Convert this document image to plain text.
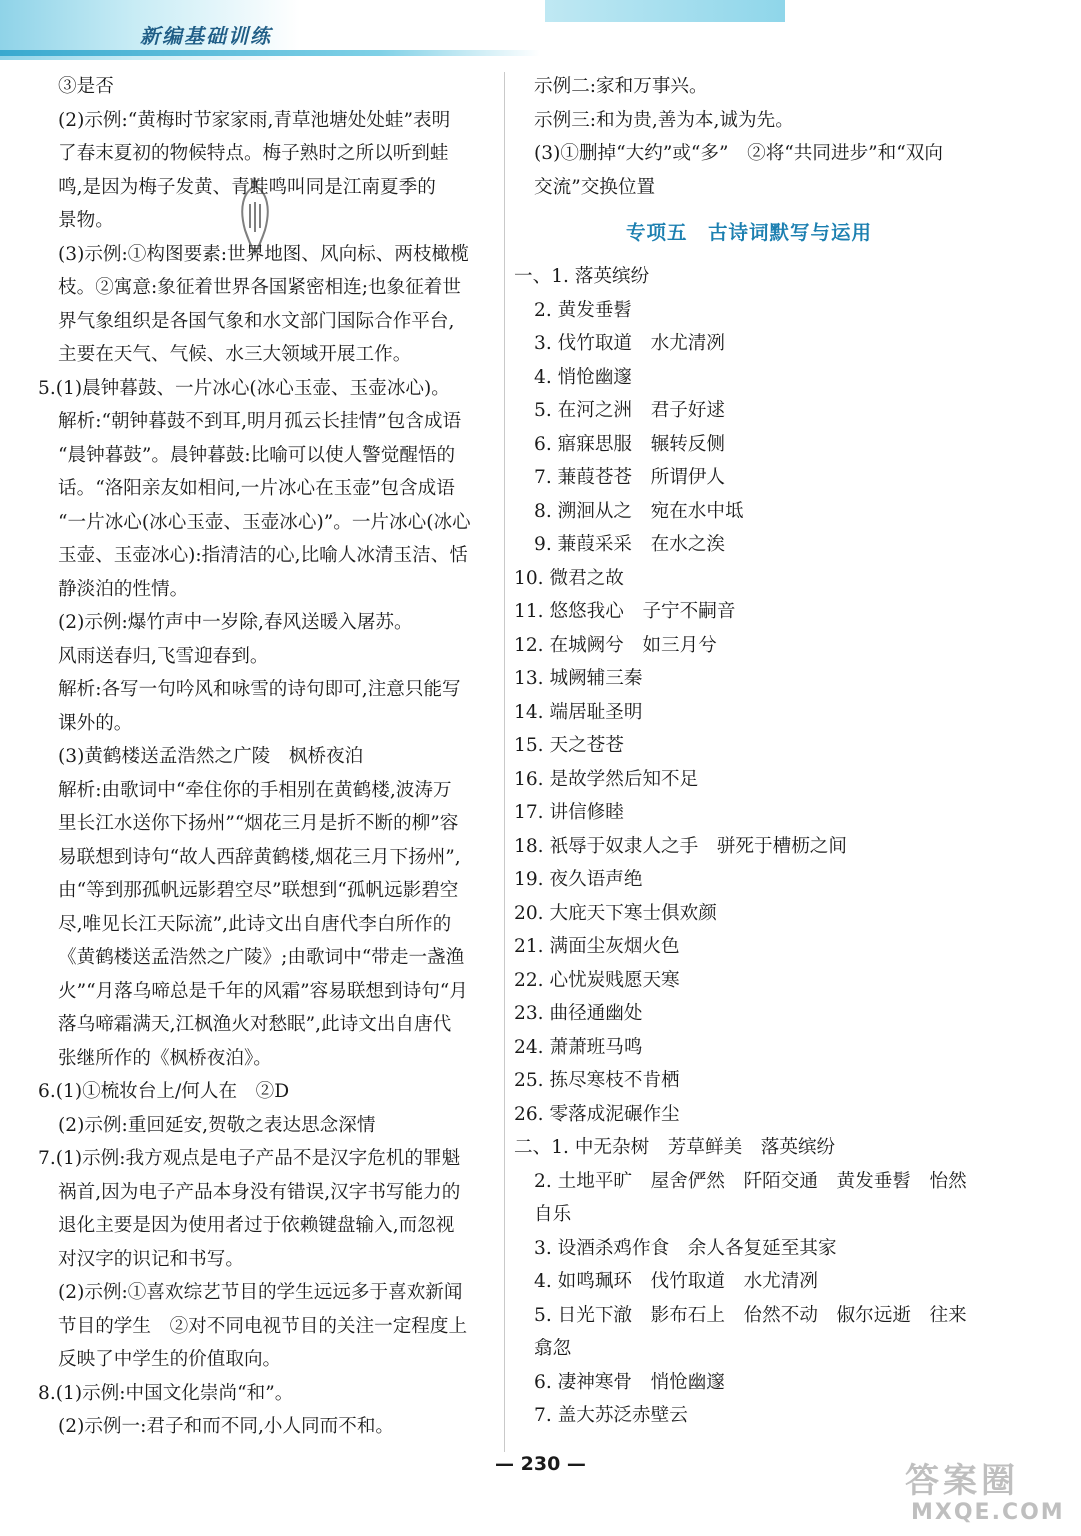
新编基础训练
③是否
(2)示例:“黄梅时节家家雨,青草池塘处处蛙”表明
了春末夏初的物候特点。梅子熟时之所以听到蛙
鸣,是因为梅子发黄、青蛙鸣叫同是江南夏季的
景物。
(3)示例:①构图要素:世界地图、风向标、两枝橄榄
枝。②寓意:象征着世界各国紧密相连;也象征着世
界气象组织是各国气象和水文部门国际合作平台,
主要在天气、气候、水三大领域开展工作。
5.(1)晨钟暮鼓、一片冰心(冰心玉壶、玉壶冰心)。
解析:“朝钟暮鼓不到耳,明月孤云长挂情”包含成语
“晨钟暮鼓”。晨钟暮鼓:比喻可以使人警觉醒悟的
话。“洛阳亲友如相问,一片冰心在玉壶”包含成语
“一片冰心(冰心玉壶、玉壶冰心)”。一片冰心(冰心
玉壶、玉壶冰心):指清洁的心,比喻人冰清玉洁、恬
静淡泊的性情。
(2)示例:爆竹声中一岁除,春风送暖入屠苏。
风雨送春归,飞雪迎春到。
解析:各写一句吟风和咏雪的诗句即可,注意只能写
课外的。
(3)黄鹤楼送孟浩然之广陵　枫桥夜泊
解析:由歌词中“牵住你的手相别在黄鹤楼,波涛万
里长江水送你下扬州”“烟花三月是折不断的柳”容
易联想到诗句“故人西辞黄鹤楼,烟花三月下扬州”,
由“等到那孤帆远影碧空尽”联想到“孤帆远影碧空
尽,唯见长江天际流”,此诗文出自唐代李白所作的
《黄鹤楼送孟浩然之广陵》;由歌词中“带走一盏渔
火”“月落乌啼总是千年的风霜”容易联想到诗句“月
落乌啼霜满天,江枫渔火对愁眠”,此诗文出自唐代
张继所作的《枫桥夜泊》。
6.(1)①梳妆台上/何人在　②D
(2)示例:重回延安,贺敬之表达思念深情
7.(1)示例:我方观点是电子产品不是汉字危机的罪魁
祸首,因为电子产品本身没有错误,汉字书写能力的
退化主要是因为使用者过于依赖键盘输入,而忽视
对汉字的识记和书写。
(2)示例:①喜欢综艺节目的学生远远多于喜欢新闻
节目的学生　②对不同电视节目的关注一定程度上
反映了中学生的价值取向。
8.(1)示例:中国文化崇尚“和”。
(2)示例一:君子和而不同,小人同而不和。
示例二:家和万事兴。
示例三:和为贵,善为本,诚为先。
(3)①删掉“大约”或“多”　②将“共同进步”和“双向
交流”交换位置
专项五　古诗词默写与运用
一、1. 落英缤纷
2. 黄发垂髫
3. 伐竹取道　水尤清冽
4. 悄怆幽邃
5. 在河之洲　君子好逑
6. 寤寐思服　辗转反侧
7. 蒹葭苍苍　所谓伊人
8. 溯洄从之　宛在水中坻
9. 蒹葭采采　在水之涘
10. 微君之故
11. 悠悠我心　子宁不嗣音
12. 在城阙兮　如三月兮
13. 城阙辅三秦
14. 端居耻圣明
15. 天之苍苍
16. 是故学然后知不足
17. 讲信修睦
18. 祇辱于奴隶人之手　骈死于槽枥之间
19. 夜久语声绝
20. 大庇天下寒士俱欢颜
21. 满面尘灰烟火色
22. 心忧炭贱愿天寒
23. 曲径通幽处
24. 萧萧班马鸣
25. 拣尽寒枝不肯栖
26. 零落成泥碾作尘
二、1. 中无杂树　芳草鲜美　落英缤纷
2. 土地平旷　屋舍俨然　阡陌交通　黄发垂髫　怡然
自乐
3. 设酒杀鸡作食　余人各复延至其家
4. 如鸣珮环　伐竹取道　水尤清冽
5. 日光下澈　影布石上　佁然不动　俶尔远逝　往来
翕忽
6. 凄神寒骨　悄怆幽邃
7. 盖大苏泛赤壁云
— 230 —	答案圈
MXQE.COM
